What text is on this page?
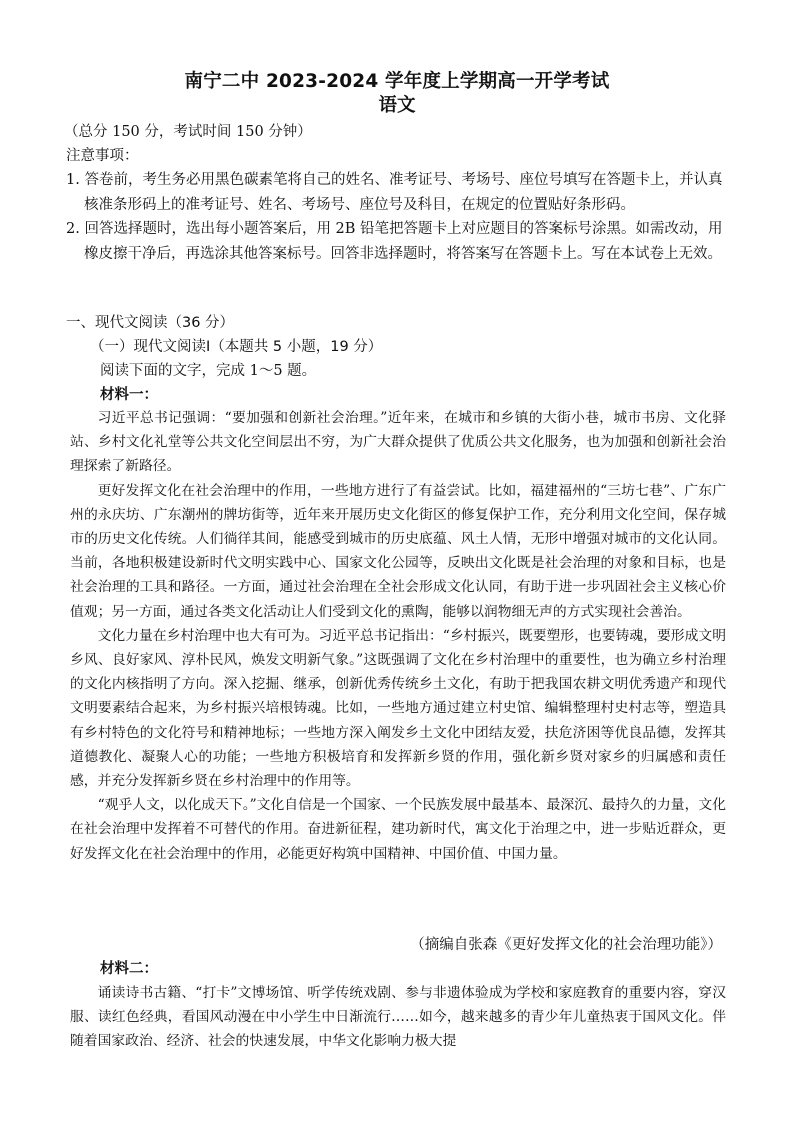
南宁二中 2023-2024 学年度上学期高一开学考试
语文
（总分 150 分，考试时间 150 分钟）
注意事项：
1. 答卷前，考生务必用黑色碳素笔将自己的姓名、准考证号、考场号、座位号填写在答题卡上，并认真核准条形码上的准考证号、姓名、考场号、座位号及科目，在规定的位置贴好条形码。
2. 回答选择题时，选出每小题答案后，用 2B 铅笔把答题卡上对应题目的答案标号涂黑。如需改动，用橡皮擦干净后，再选涂其他答案标号。回答非选择题时，将答案写在答题卡上。写在本试卷上无效。
一、现代文阅读（36 分）
（一）现代文阅读Ⅰ（本题共 5 小题，19 分）
阅读下面的文字，完成 1～5 题。
材料一：

习近平总书记强调：“要加强和创新社会治理。”近年来，在城市和乡镇的大街小巷，城市书房、文化驿站、乡村文化礼堂等公共文化空间层出不穷，为广大群众提供了优质公共文化服务，也为加强和创新社会治理探索了新路径。

更好发挥文化在社会治理中的作用，一些地方进行了有益尝试。比如，福建福州的“三坊七巷”、广东广州的永庆坊、广东潮州的牌坊街等，近年来开展历史文化街区的修复保护工作，充分利用文化空间，保存城市的历史文化传统。人们徜徉其间，能感受到城市的历史底蕴、风土人情，无形中增强对城市的文化认同。当前，各地积极建设新时代文明实践中心、国家文化公园等，反映出文化既是社会治理的对象和目标，也是社会治理的工具和路径。一方面，通过社会治理在全社会形成文化认同，有助于进一步巩固社会主义核心价值观；另一方面，通过各类文化活动让人们受到文化的熏陶，能够以润物细无声的方式实现社会善治。

文化力量在乡村治理中也大有可为。习近平总书记指出：“乡村振兴，既要塑形，也要铸魂，要形成文明乡风、良好家风、淳朴民风，焕发文明新气象。”这既强调了文化在乡村治理中的重要性，也为确立乡村治理的文化内核指明了方向。深入挖掘、继承，创新优秀传统乡土文化，有助于把我国农耕文明优秀遗产和现代文明要素结合起来，为乡村振兴培根铸魂。比如，一些地方通过建立村史馆、编辑整理村史村志等，塑造具有乡村特色的文化符号和精神地标；一些地方深入阐发乡土文化中团结友爱，扶危济困等优良品德，发挥其道德教化、凝聚人心的功能；一些地方积极培育和发挥新乡贤的作用，强化新乡贤对家乡的归属感和责任感，并充分发挥新乡贤在乡村治理中的作用等。

“观乎人文，以化成天下。”文化自信是一个国家、一个民族发展中最基本、最深沉、最持久的力量，文化在社会治理中发挥着不可替代的作用。奋进新征程，建功新时代，寓文化于治理之中，进一步贴近群众，更好发挥文化在社会治理中的作用，必能更好构筑中国精神、中国价值、中国力量。

（摘编自张森《更好发挥文化的社会治理功能》）
材料二：

诵读诗书古籍、“打卡”文博场馆、听学传统戏剧、参与非遗体验成为学校和家庭教育的重要内容，穿汉服、读红色经典，看国风动漫在中小学生中日渐流行……如今，越来越多的青少年儿童热衷于国风文化。伴随着国家政治、经济、社会的快速发展，中华文化影响力极大提
